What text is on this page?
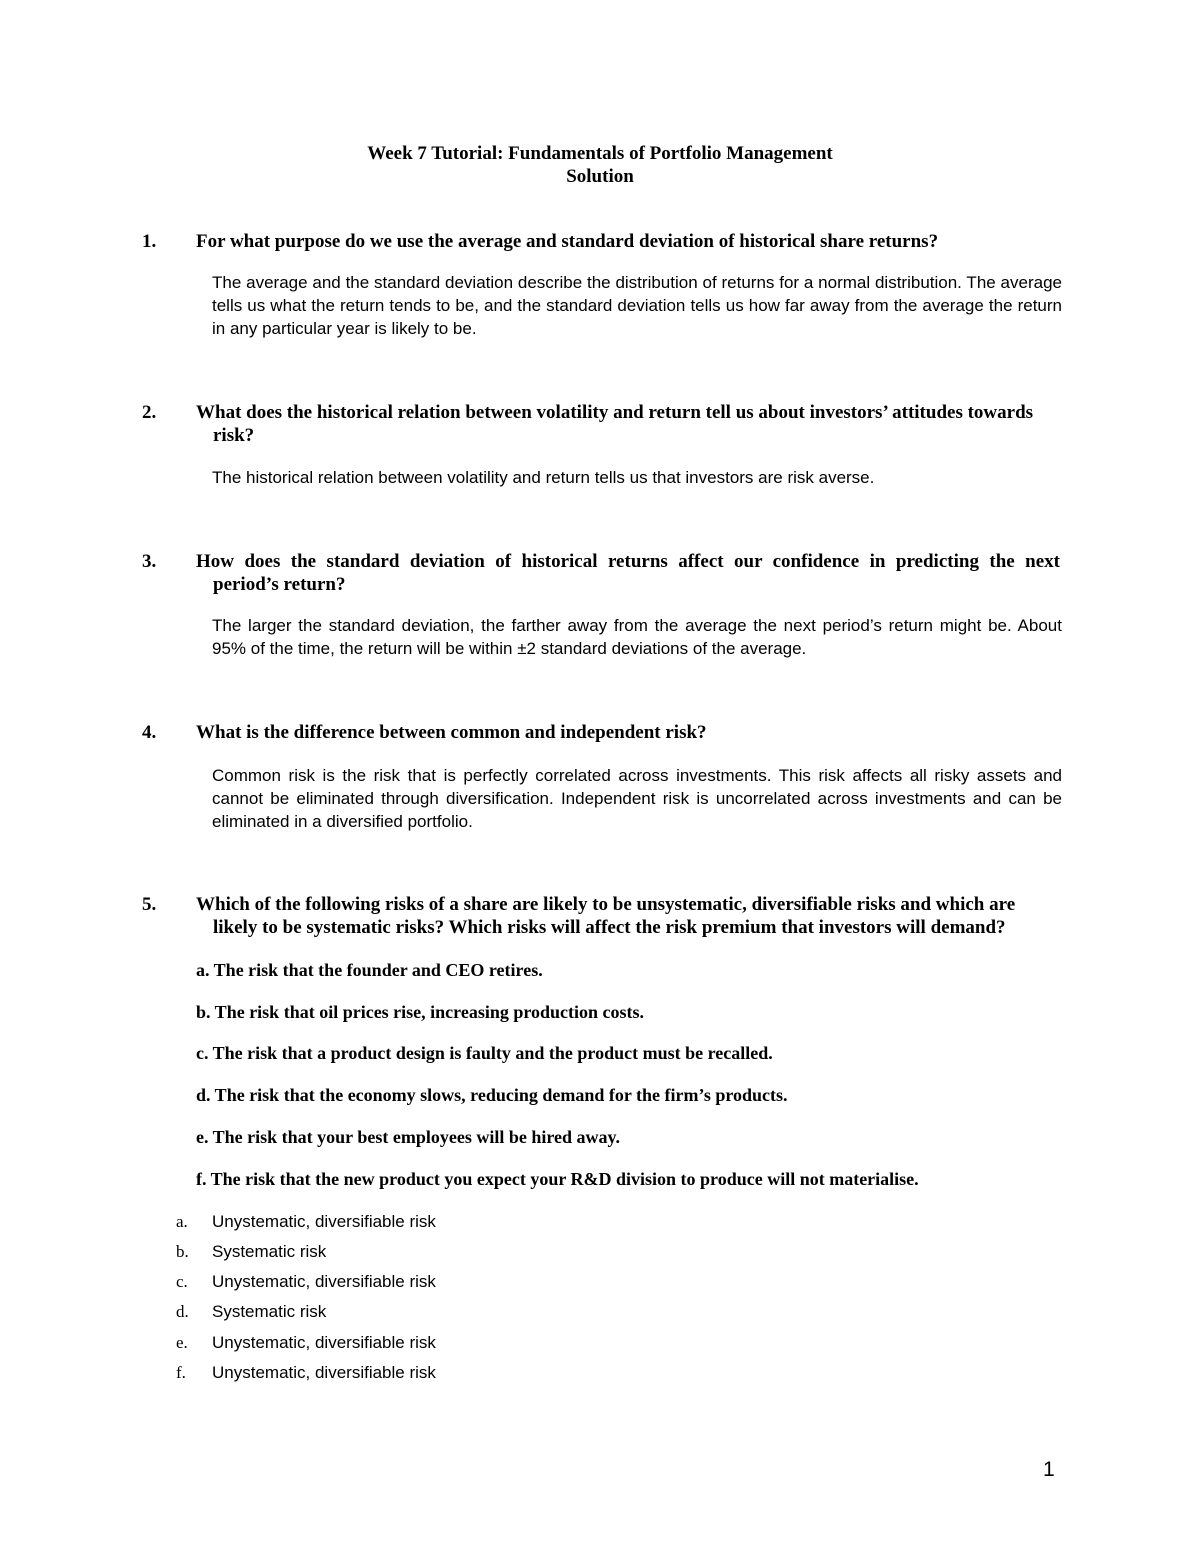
Week 7 Tutorial: Fundamentals of Portfolio Management
Solution
1. For what purpose do we use the average and standard deviation of historical share returns?
The average and the standard deviation describe the distribution of returns for a normal distribution. The average tells us what the return tends to be, and the standard deviation tells us how far away from the average the return in any particular year is likely to be.
2. What does the historical relation between volatility and return tell us about investors’ attitudes towards
risk?
The historical relation between volatility and return tells us that investors are risk averse.
3. How does the standard deviation of historical returns affect our confidence in predicting the next
period’s return?
The larger the standard deviation, the farther away from the average the next period’s return might be. About 95% of the time, the return will be within ±2 standard deviations of the average.
4. What is the difference between common and independent risk?
Common risk is the risk that is perfectly correlated across investments. This risk affects all risky assets and cannot be eliminated through diversification. Independent risk is uncorrelated across investments and can be eliminated in a diversified portfolio.
5. Which of the following risks of a share are likely to be unsystematic, diversifiable risks and which are
likely to be systematic risks? Which risks will affect the risk premium that investors will demand?
a. The risk that the founder and CEO retires.
b. The risk that oil prices rise, increasing production costs.
c. The risk that a product design is faulty and the product must be recalled.
d. The risk that the economy slows, reducing demand for the firm’s products.
e. The risk that your best employees will be hired away.
f. The risk that the new product you expect your R&D division to produce will not materialise.
a. Unystematic, diversifiable risk
b. Systematic risk
c. Unystematic, diversifiable risk
d. Systematic risk
e. Unystematic, diversifiable risk
f. Unystematic, diversifiable risk
1
